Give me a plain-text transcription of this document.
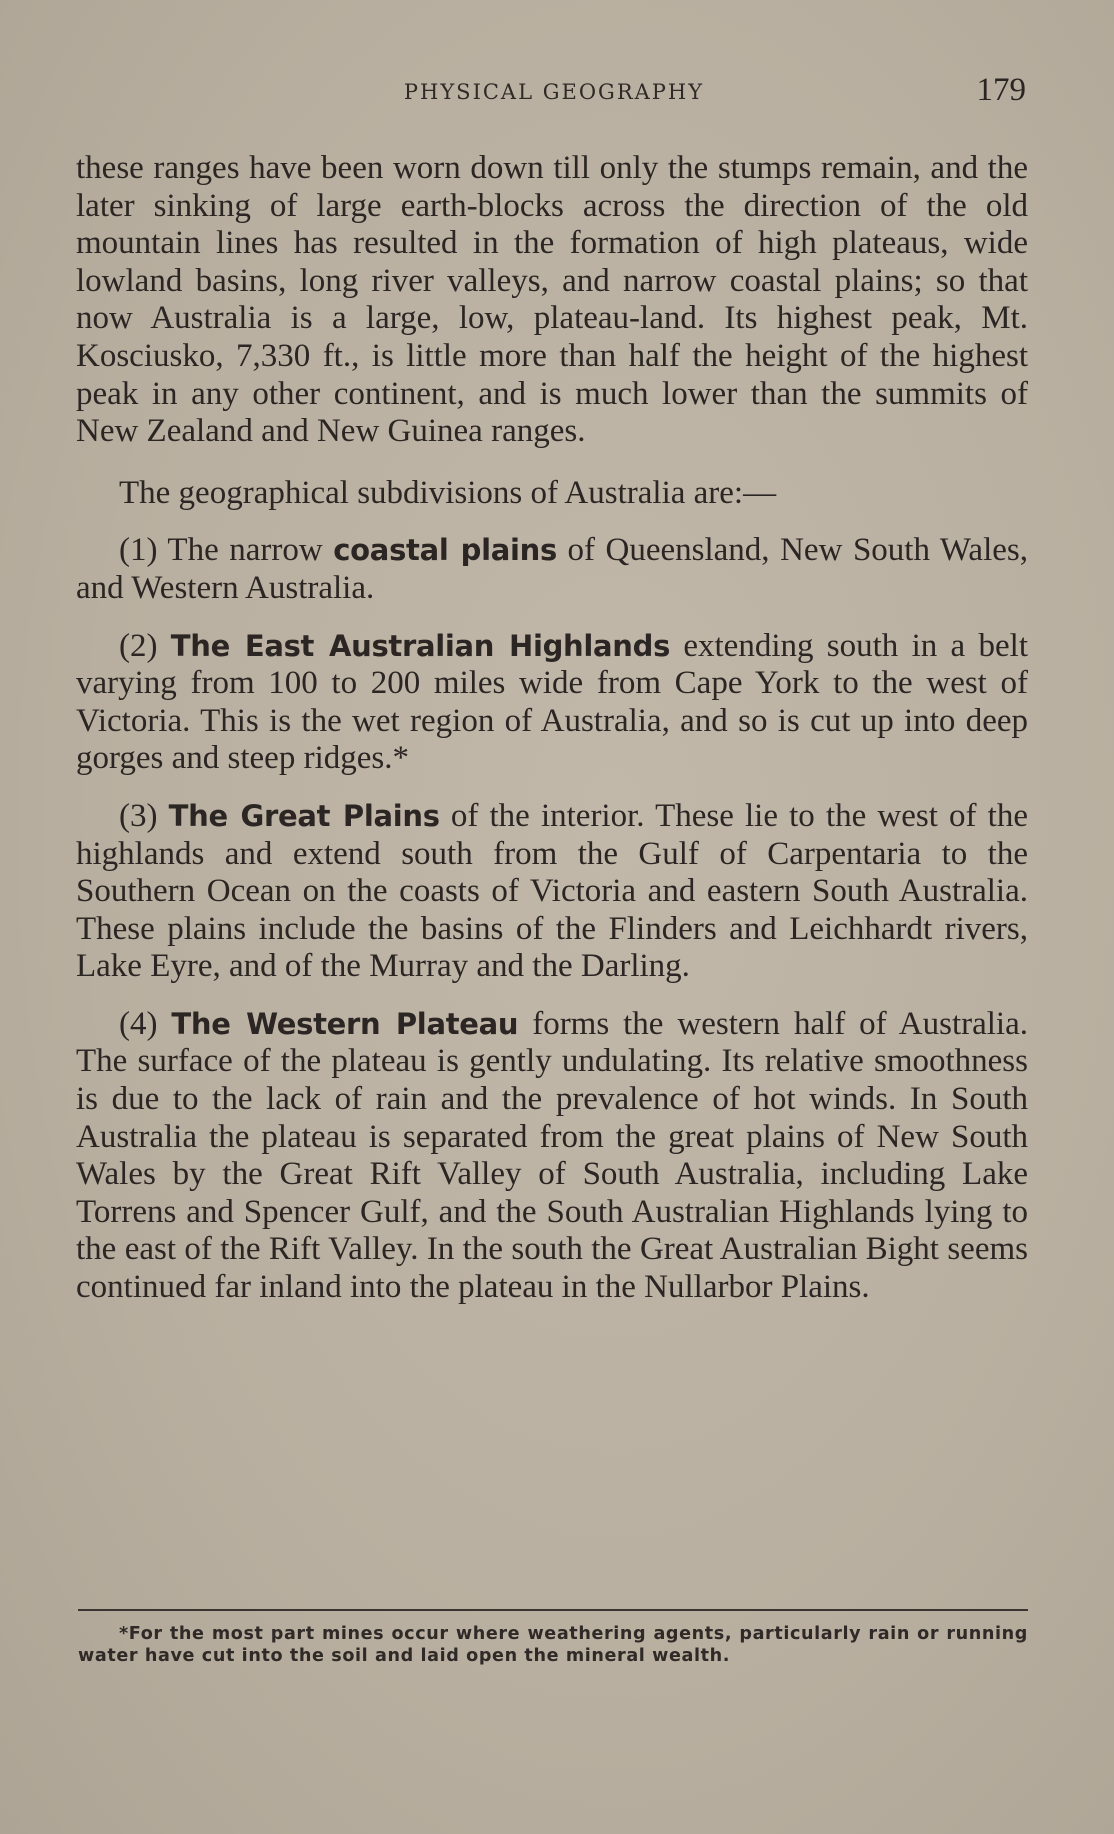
PHYSICAL GEOGRAPHY	179

these ranges have been worn down till only the stumps remain, and the later sinking of large earth-blocks across the direction of the old mountain lines has resulted in the formation of high plateaus, wide lowland basins, long river valleys, and narrow coastal plains; so that now Australia is a large, low, plateau-land. Its highest peak, Mt. Kosciusko, 7,330 ft., is little more than half the height of the highest peak in any other continent, and is much lower than the summits of New Zealand and New Guinea ranges.

The geographical subdivisions of Australia are:—

(1) The narrow coastal plains of Queensland, New South Wales, and Western Australia.

(2) The East Australian Highlands extending south in a belt varying from 100 to 200 miles wide from Cape York to the west of Victoria. This is the wet region of Australia, and so is cut up into deep gorges and steep ridges.*

(3) The Great Plains of the interior. These lie to the west of the highlands and extend south from the Gulf of Carpentaria to the Southern Ocean on the coasts of Victoria and eastern South Australia. These plains include the basins of the Flinders and Leichhardt rivers, Lake Eyre, and of the Murray and the Darling.

(4) The Western Plateau forms the western half of Australia. The surface of the plateau is gently undulating. Its relative smoothness is due to the lack of rain and the prevalence of hot winds. In South Australia the plateau is separated from the great plains of New South Wales by the Great Rift Valley of South Australia, including Lake Torrens and Spencer Gulf, and the South Australian Highlands lying to the east of the Rift Valley. In the south the Great Australian Bight seems continued far inland into the plateau in the Nullarbor Plains.

*For the most part mines occur where weathering agents, particularly rain or running water have cut into the soil and laid open the mineral wealth.
